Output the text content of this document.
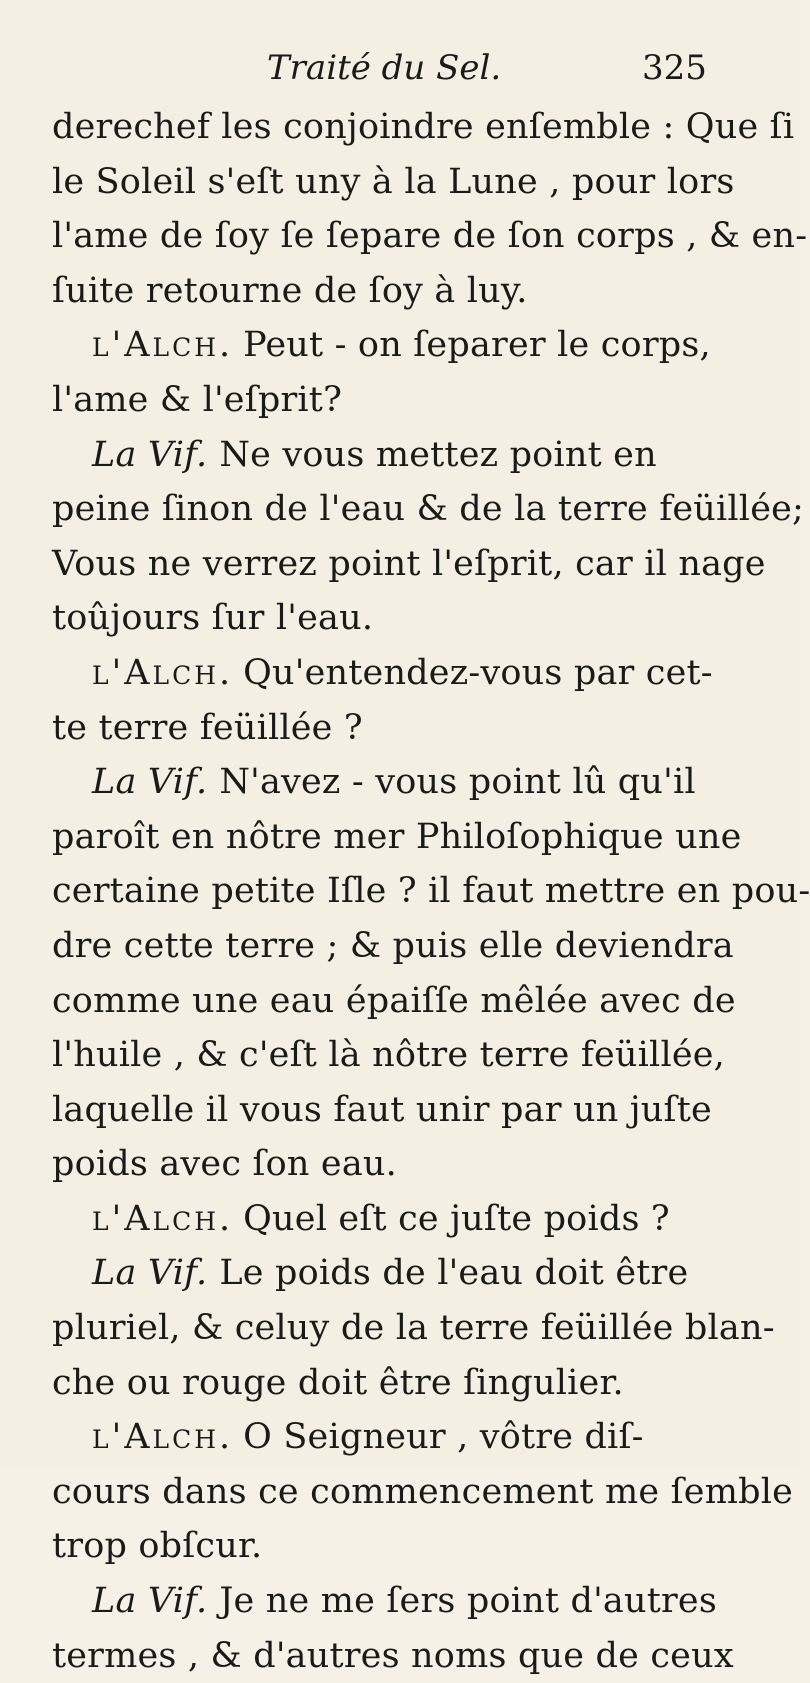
Traité du Sel.	325
derechef les conjoindre enſemble : Que ſi
le Soleil s'eſt uny à la Lune , pour lors
l'ame de ſoy ſe ſepare de ſon corps , & en-
ſuite retourne de ſoy à luy.
l'Alch. Peut - on ſeparer le corps,
l'ame & l'eſprit?
La Vif. Ne vous mettez point en
peine ſinon de l'eau & de la terre feüillée;
Vous ne verrez point l'eſprit, car il nage
toûjours ſur l'eau.
l'Alch. Qu'entendez-vous par cet-
te terre feüillée ?
La Vif. N'avez - vous point lû qu'il
paroît en nôtre mer Philoſophique une
certaine petite Iſle ? il faut mettre en pou-
dre cette terre ; & puis elle deviendra
comme une eau épaiſſe mêlée avec de
l'huile , & c'eſt là nôtre terre feüillée,
laquelle il vous faut unir par un juſte
poids avec ſon eau.
l'Alch. Quel eſt ce juſte poids ?
La Vif. Le poids de l'eau doit être
pluriel, & celuy de la terre feüillée blan-
che ou rouge doit être ſingulier.
l'Alch. O Seigneur , vôtre diſ-
cours dans ce commencement me ſemble
trop obſcur.
La Vif. Je ne me ſers point d'autres
termes , & d'autres noms que de ceux
